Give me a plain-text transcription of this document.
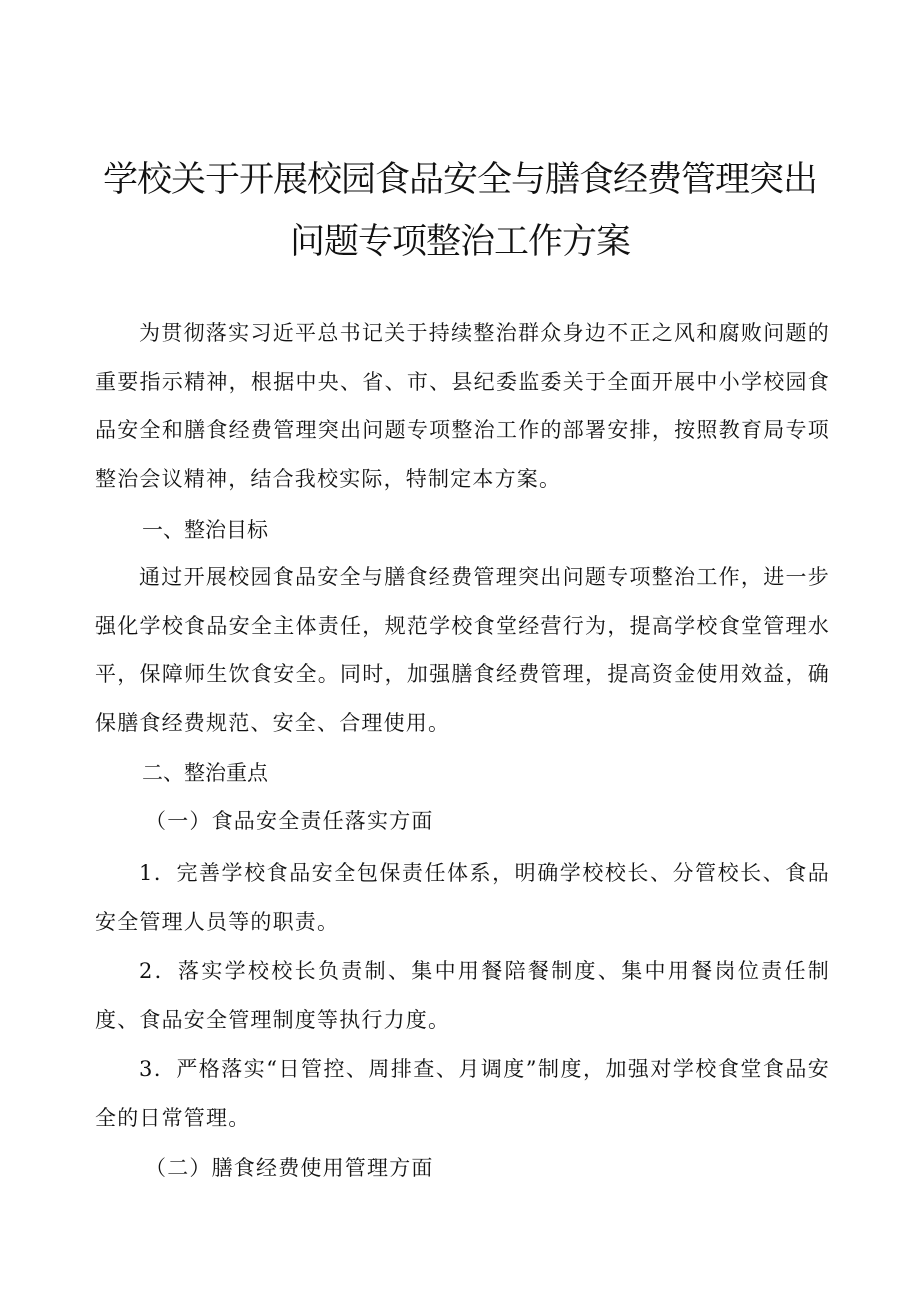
学校关于开展校园食品安全与膳食经费管理突出
问题专项整治工作方案

为贯彻落实习近平总书记关于持续整治群众身边不正之风和腐败问题的重要指示精神，根据中央、省、市、县纪委监委关于全面开展中小学校园食品安全和膳食经费管理突出问题专项整治工作的部署安排，按照教育局专项整治会议精神，结合我校实际，特制定本方案。

一、整治目标

通过开展校园食品安全与膳食经费管理突出问题专项整治工作，进一步强化学校食品安全主体责任，规范学校食堂经营行为，提高学校食堂管理水平，保障师生饮食安全。同时，加强膳食经费管理，提高资金使用效益，确保膳食经费规范、安全、合理使用。

二、整治重点

（一）食品安全责任落实方面

1．完善学校食品安全包保责任体系，明确学校校长、分管校长、食品安全管理人员等的职责。

2．落实学校校长负责制、集中用餐陪餐制度、集中用餐岗位责任制度、食品安全管理制度等执行力度。

3．严格落实“日管控、周排查、月调度”制度，加强对学校食堂食品安全的日常管理。

（二）膳食经费使用管理方面
